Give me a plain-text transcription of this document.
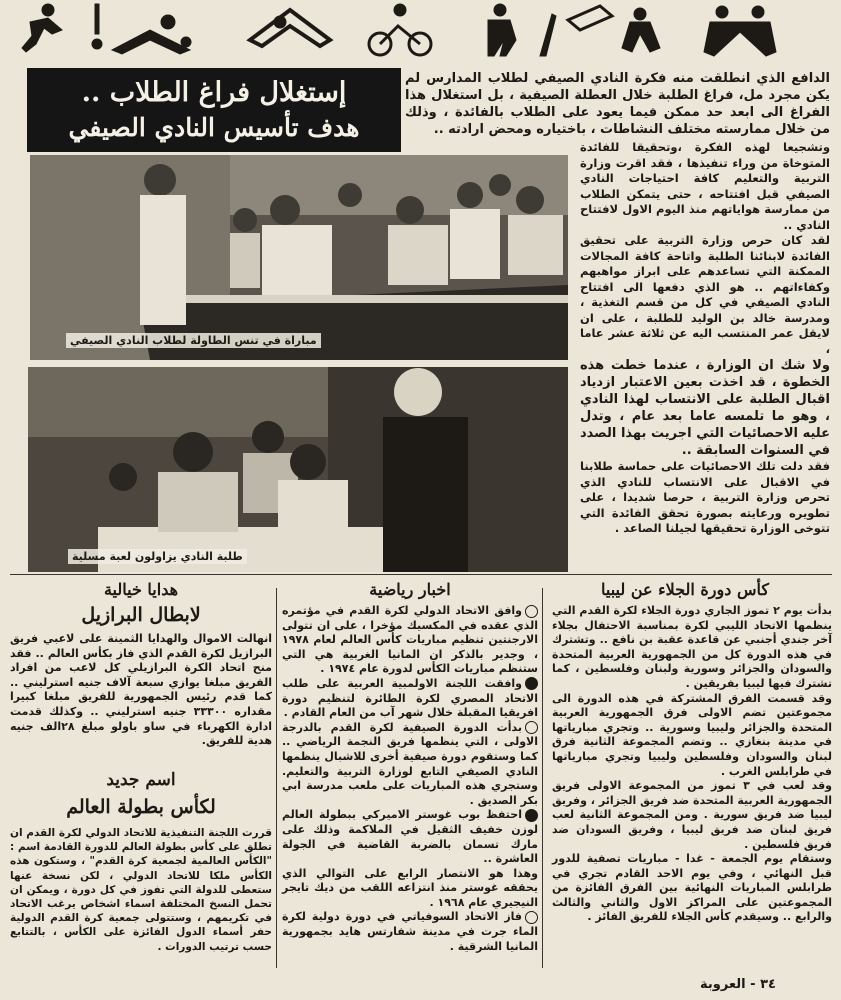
إستغلال فراغ الطلاب ..
هدف تأسيس النادي الصيفي
الدافع الذي انطلقت منه فكرة النادي الصيفي لطلاب المدارس لم يكن مجرد مل، فراغ الطلبة خلال العطلة الصيفية ، بل استغلال هذا الفراغ الى ابعد حد ممكن فيما يعود على الطلاب بالفائدة ، وذلك من خلال ممارسته مختلف النشاطات ، باختياره ومحض ارادته ..
مباراة في تنس الطاولة لطلاب النادي الصيفي
طلبة النادي يزاولون لعبة مسلية

وتشجيعا لهذه الفكرة ،وتحقيقا للفائدة المتوخاة من وراء تنفيذها ، فقد اقرت وزارة التربية والتعليم كافة احتياجات النادي الصيفي قبل افتتاحه ، حتى يتمكن الطلاب من ممارسة هواياتهم منذ اليوم الاول لافتتاح النادي ..

لقد كان حرص وزارة التربية على تحقيق الفائدة لابنائنا الطلبة واتاحة كافة المجالات الممكنة التي تساعدهم على ابراز مواهبهم وكفاءاتهم .. هو الذي دفعها الى افتتاح النادي الصيفي في كل من قسم التغذية ، ومدرسة خالد بن الوليد للطلبة ، على ان لايقل عمر المنتسب اليه عن ثلاثة عشر عاما ،

ولا شك ان الوزارة ، عندما خطت هذه الخطوة ، قد اخذت بعين الاعتبار ازدياد اقبال الطلبة على الانتساب لهذا النادي ، وهو ما تلمسه عاما بعد عام ، وتدل عليه الاحصائيات التي اجريت بهذا الصدد في السنوات السابقة ..

فقد دلت تلك الاحصائيات على حماسة طلابنا في الاقبال على الانتساب للنادي الذي تحرص وزارة التربية ، حرصا شديدا ، على تطويره ورعايته بصورة تحقق الفائدة التي تتوخى الوزارة تحقيقها لجيلنا الصاعد .

كأس دورة الجلاء عن ليبيا

بدأت يوم ٢ تموز الجاري دورة الجلاء لكرة القدم التي ينظمها الاتحاد الليبي لكرة بمناسبة الاحتفال بجلاء آخر جندي أجنبي عن قاعدة عقبة بن نافع .. وتشترك في هذه الدورة كل من الجمهورية العربية المتحدة والسودان والجزائر وسورية ولبنان وفلسطين ، كما تشترك فيها ليبيا بفريقين .

وقد قسمت الفرق المشتركة في هذه الدورة الى مجموعتين تضم الاولى فرق الجمهورية العربية المتحدة والجزائر وليبيا وسورية .. وتجري مبارياتها في مدينة بنغازي .. وتضم المجموعة الثانية فرق لبنان والسودان وفلسطين وليبيا وتجري مبارياتها في طرابلس الغرب .

وقد لعب في ٣ تموز من المجموعة الاولى فريق الجمهورية العربية المتحدة ضد فريق الجزائر ، وفريق ليبيا ضد فريق سورية . ومن المجموعة الثانية لعب فريق لبنان ضد فريق ليبيا ، وفريق السودان ضد فريق فلسطين .

وستقام يوم الجمعة - غدا - مباريات تصفية للدور قبل النهائي ، وفي يوم الاحد القادم تجري في طرابلس المباريات النهائية بين الفرق الفائزة من المجموعتين على المراكز الاول والثاني والثالث والرابع .. وسيقدم كأس الجلاء للفريق الفائز .

اخبار رياضية

وافق الاتحاد الدولي لكرة القدم في مؤتمره الذي عقده في المكسيك مؤخرا ، على ان تتولى الارجنتين تنظيم مباريات كأس العالم لعام ١٩٧٨ ، وجدير بالذكر ان المانيا الغربية هي التي ستنظم مباريات الكأس لدورة عام ١٩٧٤ .

وافقت اللجنة الاولمبية العربية على طلب الاتحاد المصري لكرة الطائرة لتنظيم دورة افريقيا المقبلة خلال شهر آب من العام القادم .

بدأت الدورة الصيفية لكرة القدم بالدرجة الاولى ، التي ينظمها فريق النجمة الرياضي .. كما وستقوم دورة صيفية أخرى للاشبال ينظمها النادي الصيفي التابع لوزارة التربية والتعليم. وستجري هذه المباريات على ملعب مدرسة ابي بكر الصديق .

احتفظ بوب غوستر الاميركي ببطولة العالم لوزن خفيف الثقيل في الملاكمة وذلك على مارك تسمان بالضربة القاضية في الجولة العاشرة ..

وهذا هو الانتصار الرابع على التوالي الذي يحققه غوستر منذ انتزاعه اللقب من ديك تايجر النيجيري عام ١٩٦٨ .

فاز الاتحاد السوفياتي في دورة دولية لكرة الماء جرت في مدينة شفارتس هايد بجمهورية المانيا الشرقية .

هدايا خيالية
لابطال البرازيل
انهالت الاموال والهدايا الثمينة على لاعبي فريق البرازيل لكرة القدم الذي فاز بكأس العالم .. فقد منح اتحاد الكرة البرازيلي كل لاعب من افراد الفريق مبلغا يوازي سبعة آلاف جنيه استرليني .. كما قدم رئيس الجمهورية للفريق مبلغا كبيرا مقداره ٣٣٣٠٠ جنيه استرليني .. وكذلك قدمت ادارة الكهرباء في ساو باولو مبلغ ٢٨الف جنيه هدية للفريق.
اسم جديد
لكأس بطولة العالم
قررت اللجنة التنفيذية للاتحاد الدولي لكرة القدم ان تطلق على كأس بطولة العالم للدورة القادمة اسم : "الكأس العالمية لجمعية كرة القدم" ، وستكون هذه الكأس ملكا للاتحاد الدولي ، لكن نسخة عنها ستعطى للدولة التي تفوز في كل دورة ، ويمكن ان تحمل النسخ المختلفة اسماء اشخاص يرغب الاتحاد في تكريمهم ، وستتولى جمعية كرة القدم الدولية حفر أسماء الدول الفائزة على الكأس ، بالتتابع حسب ترتيب الدورات .
٣٤ - العروبة
